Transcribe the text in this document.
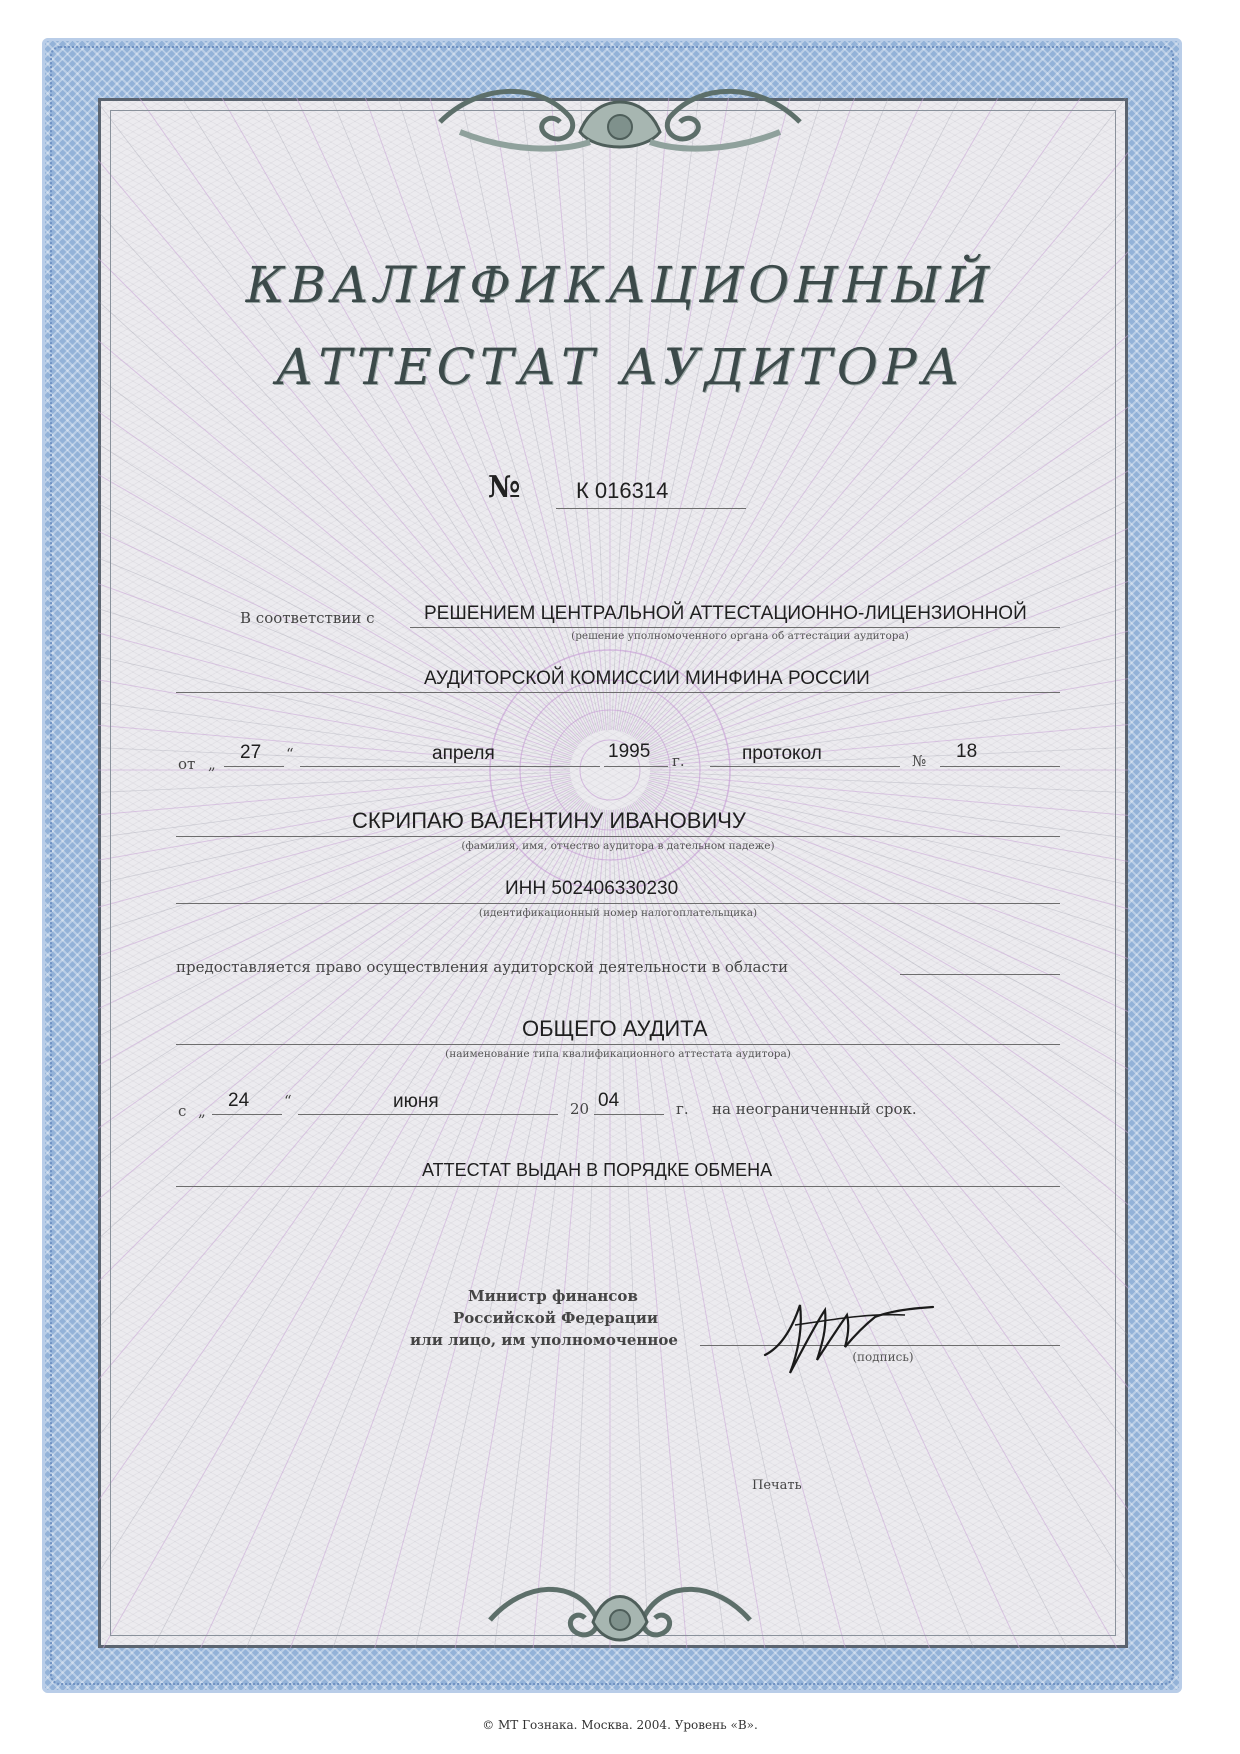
КВАЛИФИКАЦИОННЫЙ
АТТЕСТАТ АУДИТОРА
№	К 016314
В соответствии с	РЕШЕНИЕМ ЦЕНТРАЛЬНОЙ АТТЕСТАЦИОННО-ЛИЦЕНЗИОННОЙ
(решение уполномоченного органа об аттестации аудитора)
АУДИТОРСКОЙ КОМИССИИ МИНФИНА РОССИИ
от „
27 “	апреля	1995 г.	протокол	№ 18
СКРИПАЮ ВАЛЕНТИНУ ИВАНОВИЧУ
(фамилия, имя, отчество аудитора в дательном падеже)
ИНН 502406330230
(идентификационный номер налогоплательщика)
предоставляется право осуществления аудиторской деятельности в области
ОБЩЕГО АУДИТА
(наименование типа квалификационного аттестата аудитора)
с „ 24 “	июня	20 04	г. на неограниченный срок.
АТТЕСТАТ ВЫДАН В ПОРЯДКЕ ОБМЕНА
Министр финансов
Российской Федерации
или лицо, им уполномоченное
(подпись)
Печать
© МТ Гознака. Москва. 2004. Уровень «В».
